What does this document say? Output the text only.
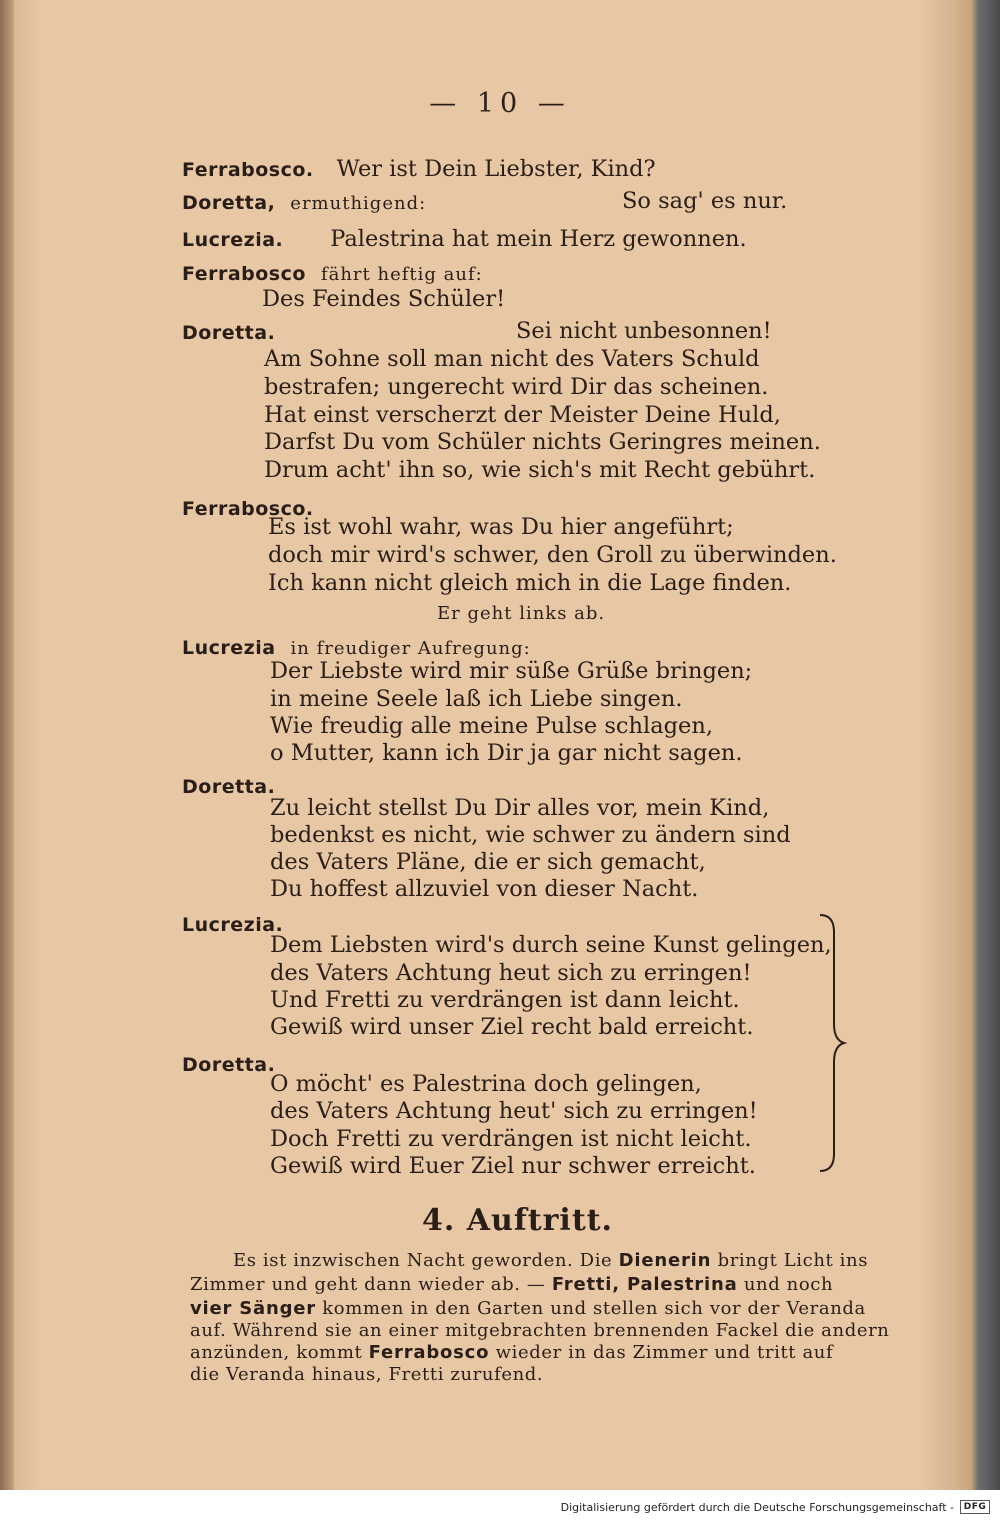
— 10 —
Ferrabosco. Wer ist Dein Liebster, Kind?
Doretta, ermuthigend:	So sag' es nur.
Lucrezia. Palestrina hat mein Herz gewonnen.
Ferrabosco fährt heftig auf:
Des Feindes Schüler!
Doretta.	Sei nicht unbesonnen!
Am Sohne soll man nicht des Vaters Schuld
bestrafen; ungerecht wird Dir das scheinen.
Hat einst verscherzt der Meister Deine Huld,
Darfst Du vom Schüler nichts Geringres meinen.
Drum acht' ihn so, wie sich's mit Recht gebührt.
Ferrabosco.
Es ist wohl wahr, was Du hier angeführt;
doch mir wird's schwer, den Groll zu überwinden.
Ich kann nicht gleich mich in die Lage finden.
Er geht links ab.
Lucrezia in freudiger Aufregung:
Der Liebste wird mir süße Grüße bringen;
in meine Seele laß ich Liebe singen.
Wie freudig alle meine Pulse schlagen,
o Mutter, kann ich Dir ja gar nicht sagen.
Doretta.
Zu leicht stellst Du Dir alles vor, mein Kind,
bedenkst es nicht, wie schwer zu ändern sind
des Vaters Pläne, die er sich gemacht,
Du hoffest allzuviel von dieser Nacht.
Lucrezia.
Dem Liebsten wird's durch seine Kunst gelingen,
des Vaters Achtung heut sich zu erringen!
Und Fretti zu verdrängen ist dann leicht.
Gewiß wird unser Ziel recht bald erreicht.
Doretta.
O möcht' es Palestrina doch gelingen,
des Vaters Achtung heut' sich zu erringen!
Doch Fretti zu verdrängen ist nicht leicht.
Gewiß wird Euer Ziel nur schwer erreicht.
4. Auftritt.
Es ist inzwischen Nacht geworden. Die Dienerin bringt Licht ins
Zimmer und geht dann wieder ab. — Fretti, Palestrina und noch
vier Sänger kommen in den Garten und stellen sich vor der Veranda
auf. Während sie an einer mitgebrachten brennenden Fackel die andern
anzünden, kommt Ferrabosco wieder in das Zimmer und tritt auf
die Veranda hinaus, Fretti zurufend.
Digitalisierung gefördert durch die Deutsche Forschungsgemeinschaft -	DFG
